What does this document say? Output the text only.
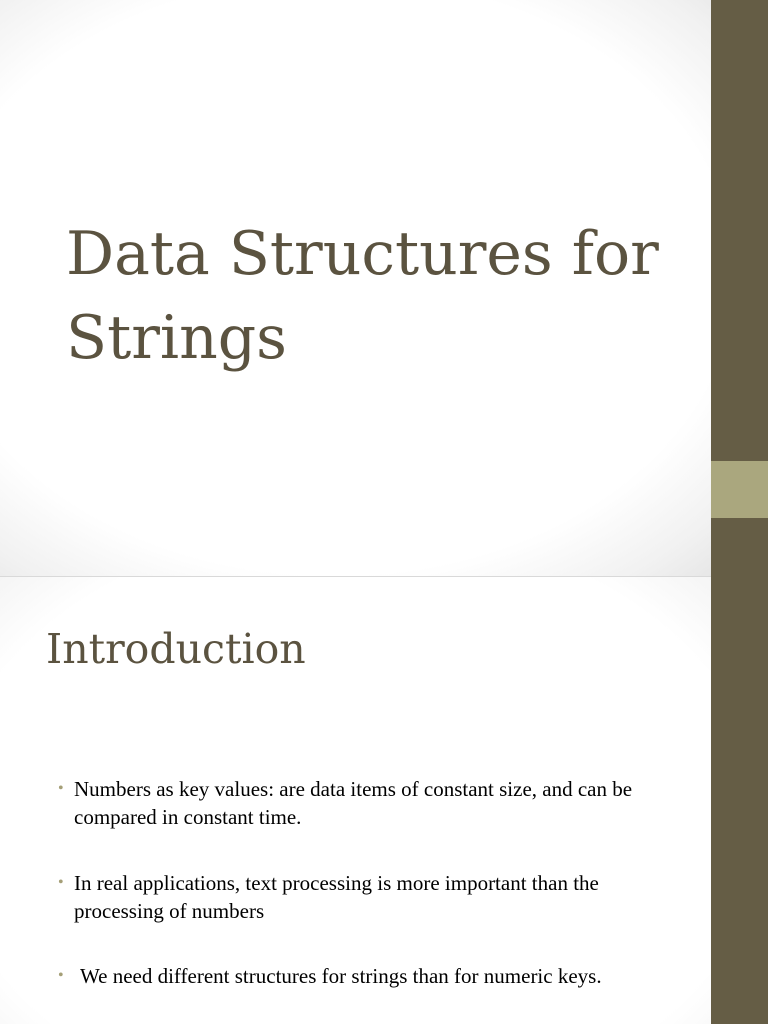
Data Structures for Strings
Introduction
• Numbers as key values: are data items of constant size, and can be compared in constant time.
• In real applications, text processing is more important than the processing of numbers
• We need different structures for strings than for numeric keys.
